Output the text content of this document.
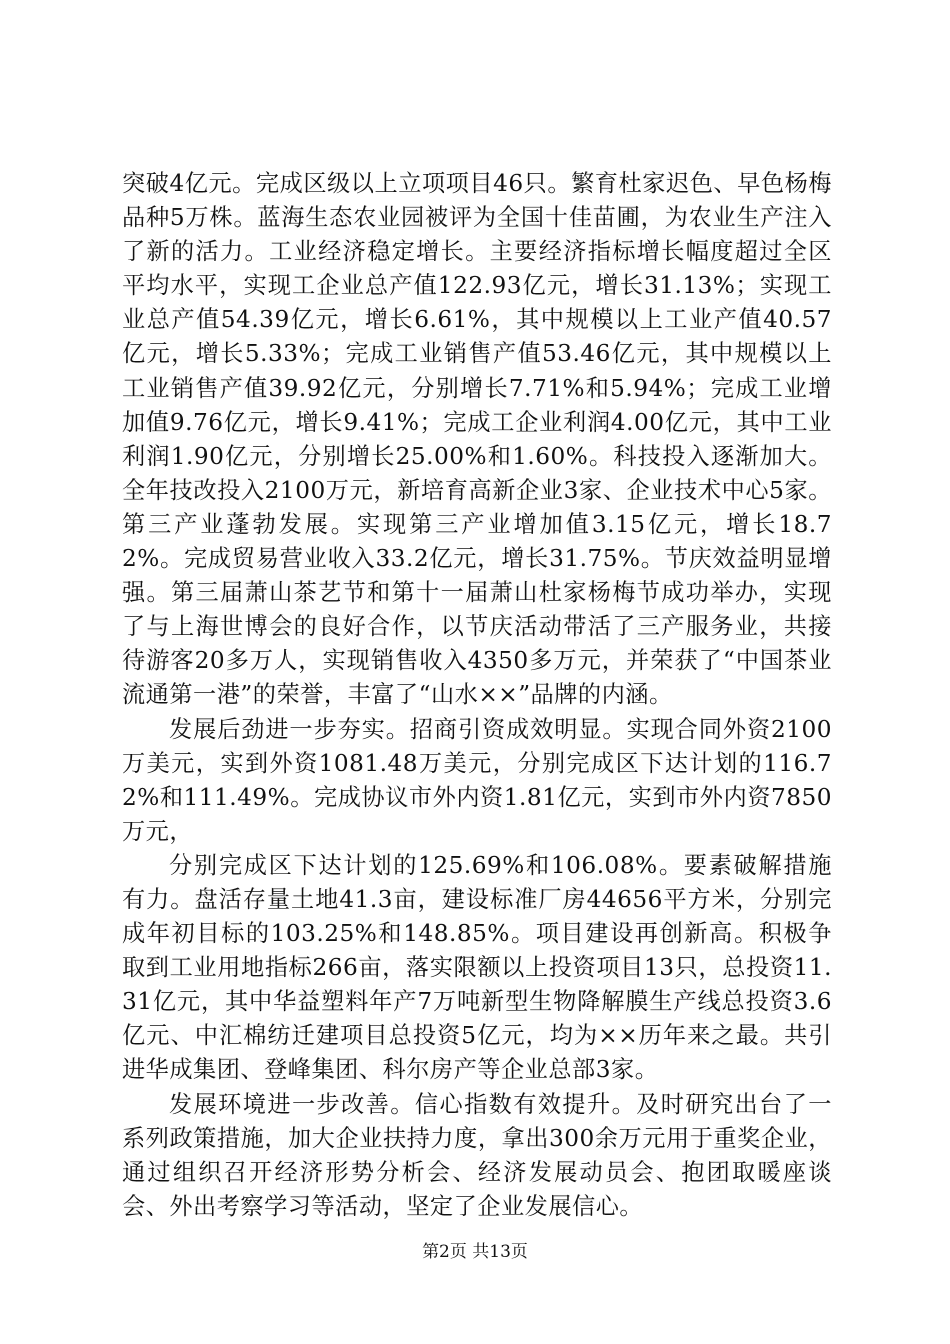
突破4亿元。完成区级以上立项项目46只。繁育杜家迟色、早色杨梅品种5万株。蓝海生态农业园被评为全国十佳苗圃，为农业生产注入了新的活力。工业经济稳定增长。主要经济指标增长幅度超过全区平均水平，实现工企业总产值122.93亿元，增长31.13%；实现工业总产值54.39亿元，增长6.61%，其中规模以上工业产值40.57亿元，增长5.33%；完成工业销售产值53.46亿元，其中规模以上工业销售产值39.92亿元，分别增长7.71%和5.94%；完成工业增加值9.76亿元，增长9.41%；完成工企业利润4.00亿元，其中工业利润1.90亿元，分别增长25.00%和1.60%。科技投入逐渐加大。全年技改投入2100万元，新培育高新企业3家、企业技术中心5家。第三产业蓬勃发展。实现第三产业增加值3.15亿元，增长18.72%。完成贸易营业收入33.2亿元，增长31.75%。节庆效益明显增强。第三届萧山茶艺节和第十一届萧山杜家杨梅节成功举办，实现了与上海世博会的良好合作，以节庆活动带活了三产服务业，共接待游客20多万人，实现销售收入4350多万元，并荣获了“中国茶业流通第一港”的荣誉，丰富了“山水××”品牌的内涵。

发展后劲进一步夯实。招商引资成效明显。实现合同外资2100万美元，实到外资1081.48万美元，分别完成区下达计划的116.72%和111.49%。完成协议市外内资1.81亿元，实到市外内资7850万元，

分别完成区下达计划的125.69%和106.08%。要素破解措施有力。盘活存量土地41.3亩，建设标准厂房44656平方米，分别完成年初目标的103.25%和148.85%。项目建设再创新高。积极争取到工业用地指标266亩，落实限额以上投资项目13只，总投资11.31亿元，其中华益塑料年产7万吨新型生物降解膜生产线总投资3.6亿元、中汇棉纺迁建项目总投资5亿元，均为××历年来之最。共引进华成集团、登峰集团、科尔房产等企业总部3家。

发展环境进一步改善。信心指数有效提升。及时研究出台了一系列政策措施，加大企业扶持力度，拿出300余万元用于重奖企业，通过组织召开经济形势分析会、经济发展动员会、抱团取暖座谈会、外出考察学习等活动，坚定了企业发展信心。

第2页 共13页
